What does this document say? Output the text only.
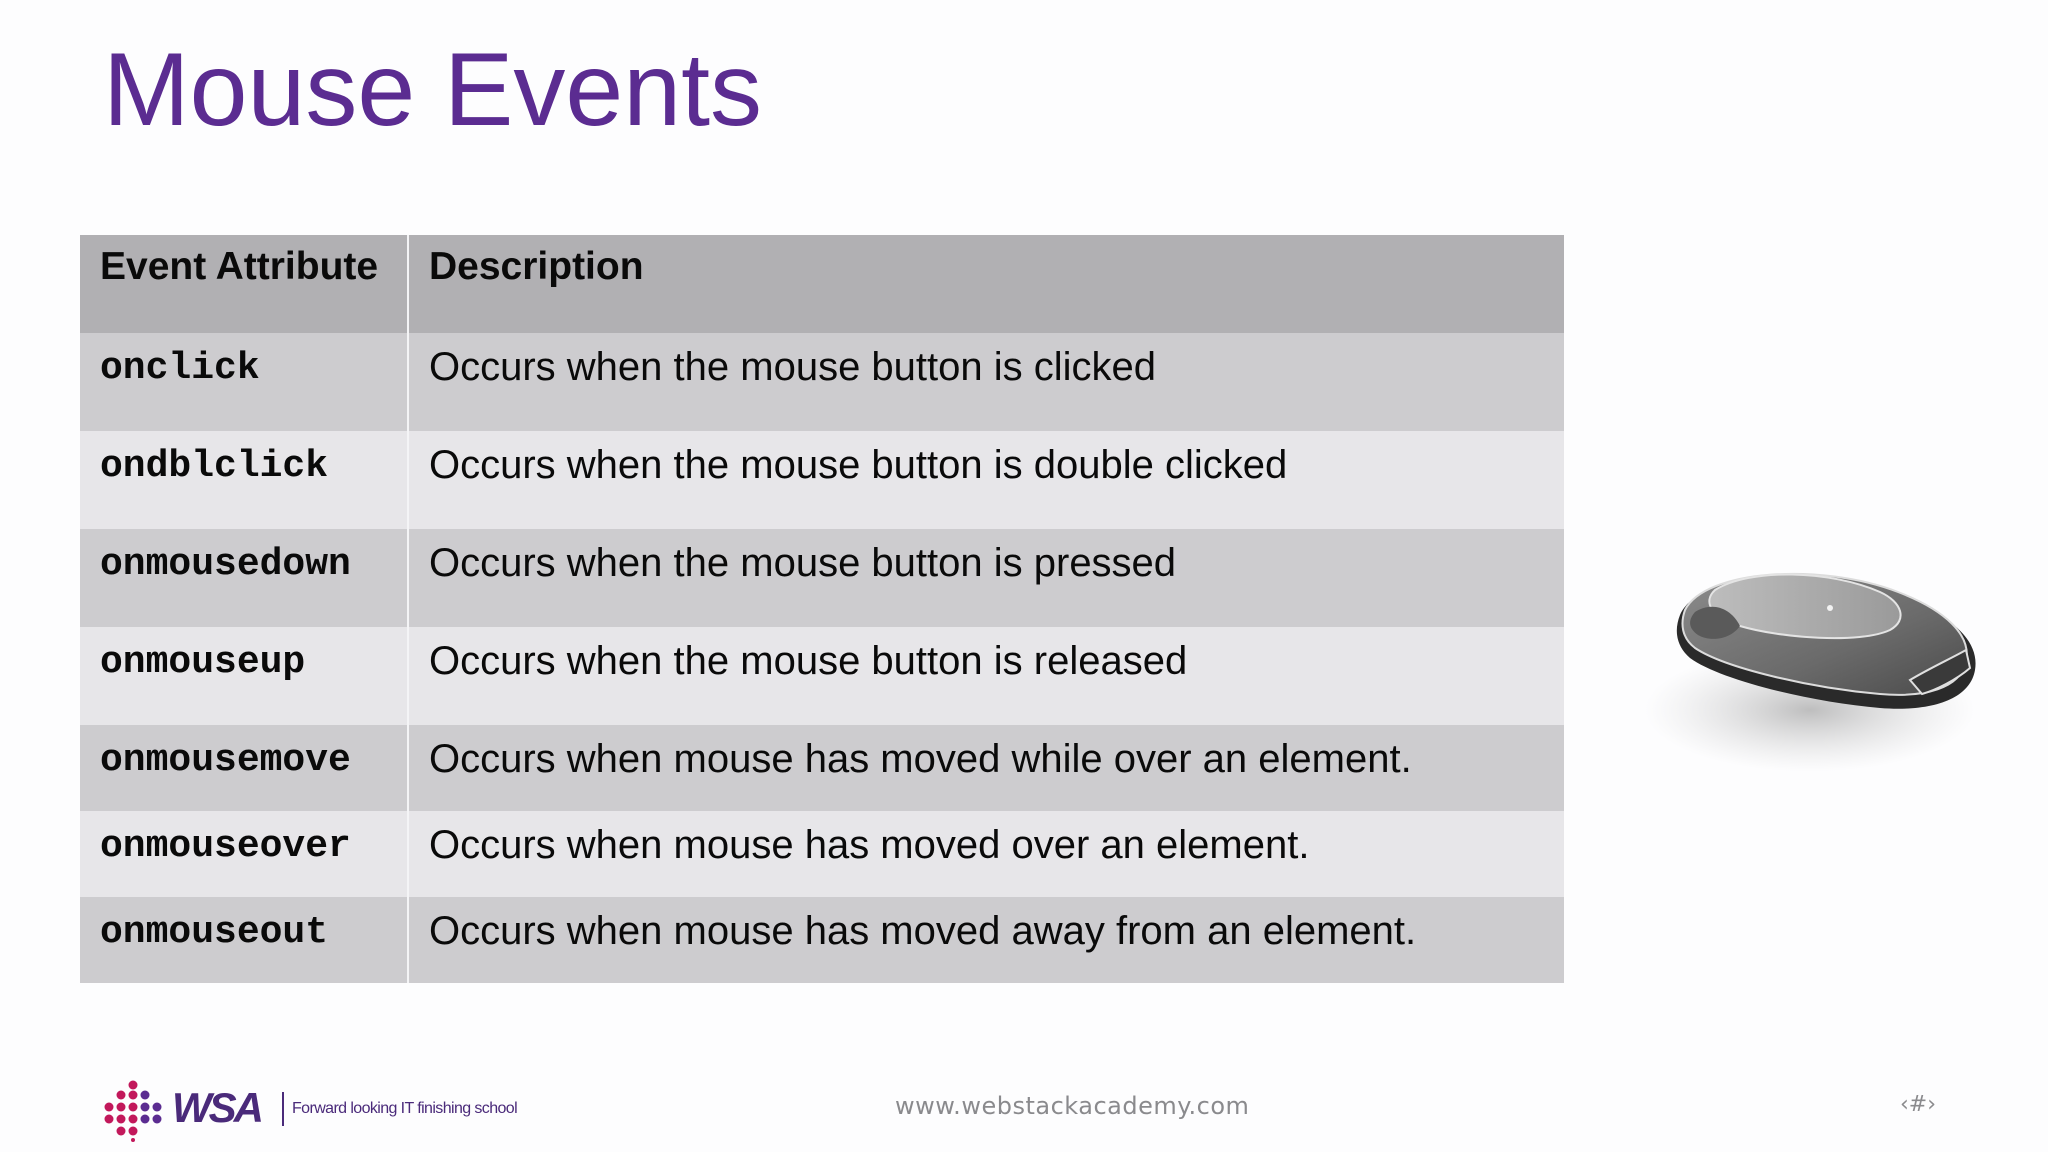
Mouse Events
Event Attribute	Description
onclick	Occurs when the mouse button is clicked
ondblclick	Occurs when the mouse button is double clicked
onmousedown	Occurs when the mouse button is pressed
onmouseup	Occurs when the mouse button is released
onmousemove	Occurs when mouse has moved while over an element.
onmouseover	Occurs when mouse has moved over an element.
onmouseout	Occurs when mouse has moved away from an element.
WSA Forward looking IT finishing school	www.webstackacademy.com	‹#›
